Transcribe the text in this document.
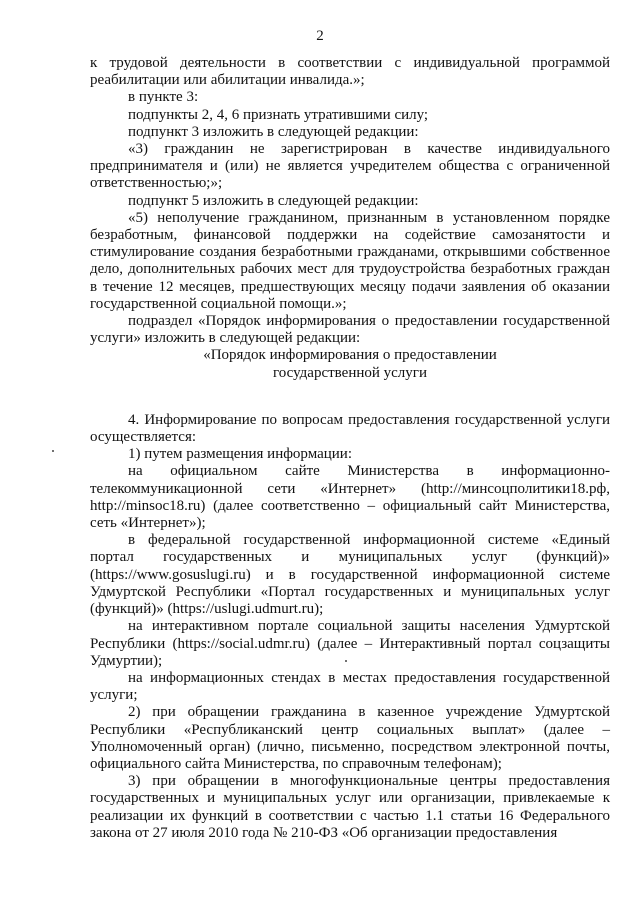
2

к трудовой деятельности в соответствии с индивидуальной программой реабилитации или абилитации инвалида.»;

в пункте 3:

подпункты 2, 4, 6 признать утратившими силу;

подпункт 3 изложить в следующей редакции:

«3) гражданин не зарегистрирован в качестве индивидуального предпринимателя и (или) не является учредителем общества с ограниченной ответственностью;»;

подпункт 5 изложить в следующей редакции:

«5) неполучение гражданином, признанным в установленном порядке безработным, финансовой поддержки на содействие самозанятости и стимулирование создания безработными гражданами, открывшими собственное дело, дополнительных рабочих мест для трудоустройства безработных граждан в течение 12 месяцев, предшествующих месяцу подачи заявления об оказании государственной социальной помощи.»;

подраздел «Порядок информирования о предоставлении государственной услуги» изложить в следующей редакции:

«Порядок информирования о предоставлении

государственной услуги

4. Информирование по вопросам предоставления государственной услуги осуществляется:

1) путем размещения информации:

на официальном сайте Министерства в информационно-телекоммуникационной сети «Интернет» (http://минсоцполитики18.рф, http://minsoc18.ru) (далее соответственно – официальный сайт Министерства, сеть «Интернет»);

в федеральной государственной информационной системе «Единый портал государственных и муниципальных услуг (функций)» (https://www.gosuslugi.ru) и в государственной информационной системе Удмуртской Республики «Портал государственных и муниципальных услуг (функций)» (https://uslugi.udmurt.ru);

на интерактивном портале социальной защиты населения Удмуртской Республики (https://social.udmr.ru) (далее – Интерактивный портал соцзащиты Удмуртии);

на информационных стендах в местах предоставления государственной услуги;

2) при обращении гражданина в казенное учреждение Удмуртской Республики «Республиканский центр социальных выплат» (далее – Уполномоченный орган) (лично, письменно, посредством электронной почты, официального сайта Министерства, по справочным телефонам);

3) при обращении в многофункциональные центры предоставления государственных и муниципальных услуг или организации, привлекаемые к реализации их функций в соответствии с частью 1.1 статьи 16 Федерального закона от 27 июля 2010 года № 210-ФЗ «Об организации предоставления
